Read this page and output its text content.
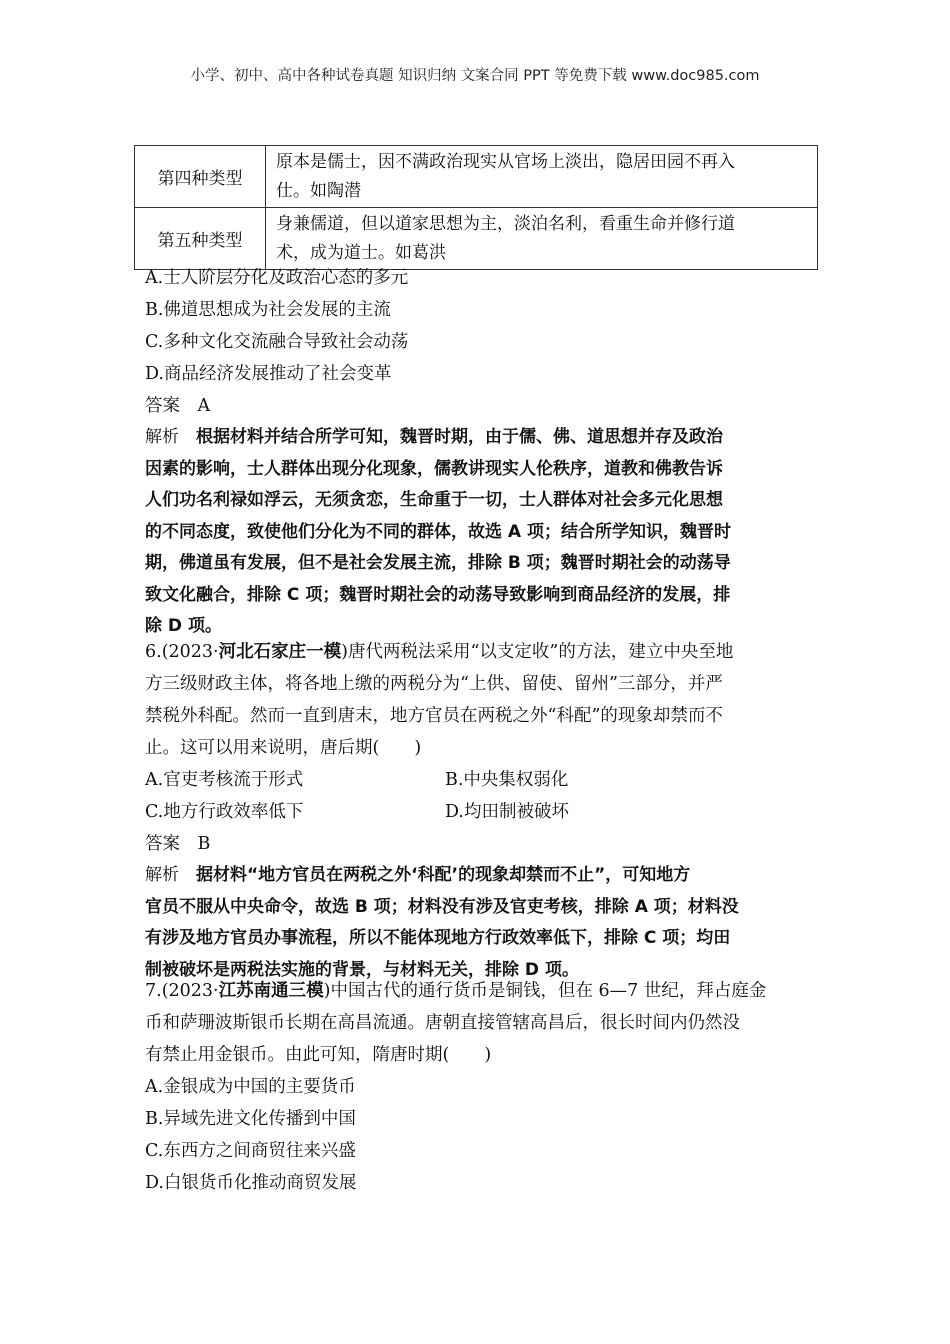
小学、初中、高中各种试卷真题 知识归纳 文案合同 PPT 等免费下载 www.doc985.com
第四种类型	原本是儒士，因不满政治现实从官场上淡出，隐居田园不再入
仕。如陶潜

第五种类型	身兼儒道，但以道家思想为主，淡泊名利，看重生命并修行道
术，成为道士。如葛洪
A.士人阶层分化及政治心态的多元
B.佛道思想成为社会发展的主流
C.多种文化交流融合导致社会动荡
D.商品经济发展推动了社会变革
答案　 A
解析　 根据材料并结合所学可知，魏晋时期，由于儒、佛、道思想并存及政治
因素的影响，士人群体出现分化现象，儒教讲现实人伦秩序，道教和佛教告诉
人们功名利禄如浮云，无须贪恋，生命重于一切，士人群体对社会多元化思想
的不同态度，致使他们分化为不同的群体，故选 A 项；结合所学知识，魏晋时
期，佛道虽有发展，但不是社会发展主流，排除 B 项；魏晋时期社会的动荡导
致文化融合，排除 C 项；魏晋时期社会的动荡导致影响到商品经济的发展，排
除 D 项。
6.(2023·河北石家庄一模)唐代两税法采用“以支定收”的方法，建立中央至地
方三级财政主体，将各地上缴的两税分为“上供、留使、留州”三部分，并严
禁税外科配。然而一直到唐末，地方官员在两税之外“科配”的现象却禁而不
止。这可以用来说明，唐后期(　　)
A.官吏考核流于形式	B.中央集权弱化
C.地方行政效率低下	D.均田制被破坏
答案　 B
解析　 据材料“地方官员在两税之外‘科配’的现象却禁而不止”，可知地方
官员不服从中央命令，故选 B 项；材料没有涉及官吏考核，排除 A 项；材料没
有涉及地方官员办事流程，所以不能体现地方行政效率低下，排除 C 项；均田
制被破坏是两税法实施的背景，与材料无关，排除 D 项。
7.(2023·江苏南通三模)中国古代的通行货币是铜钱，但在 6—7 世纪，拜占庭金
币和萨珊波斯银币长期在高昌流通。唐朝直接管辖高昌后，很长时间内仍然没
有禁止用金银币。由此可知，隋唐时期(　　)
A.金银成为中国的主要货币
B.异域先进文化传播到中国
C.东西方之间商贸往来兴盛
D.白银货币化推动商贸发展
